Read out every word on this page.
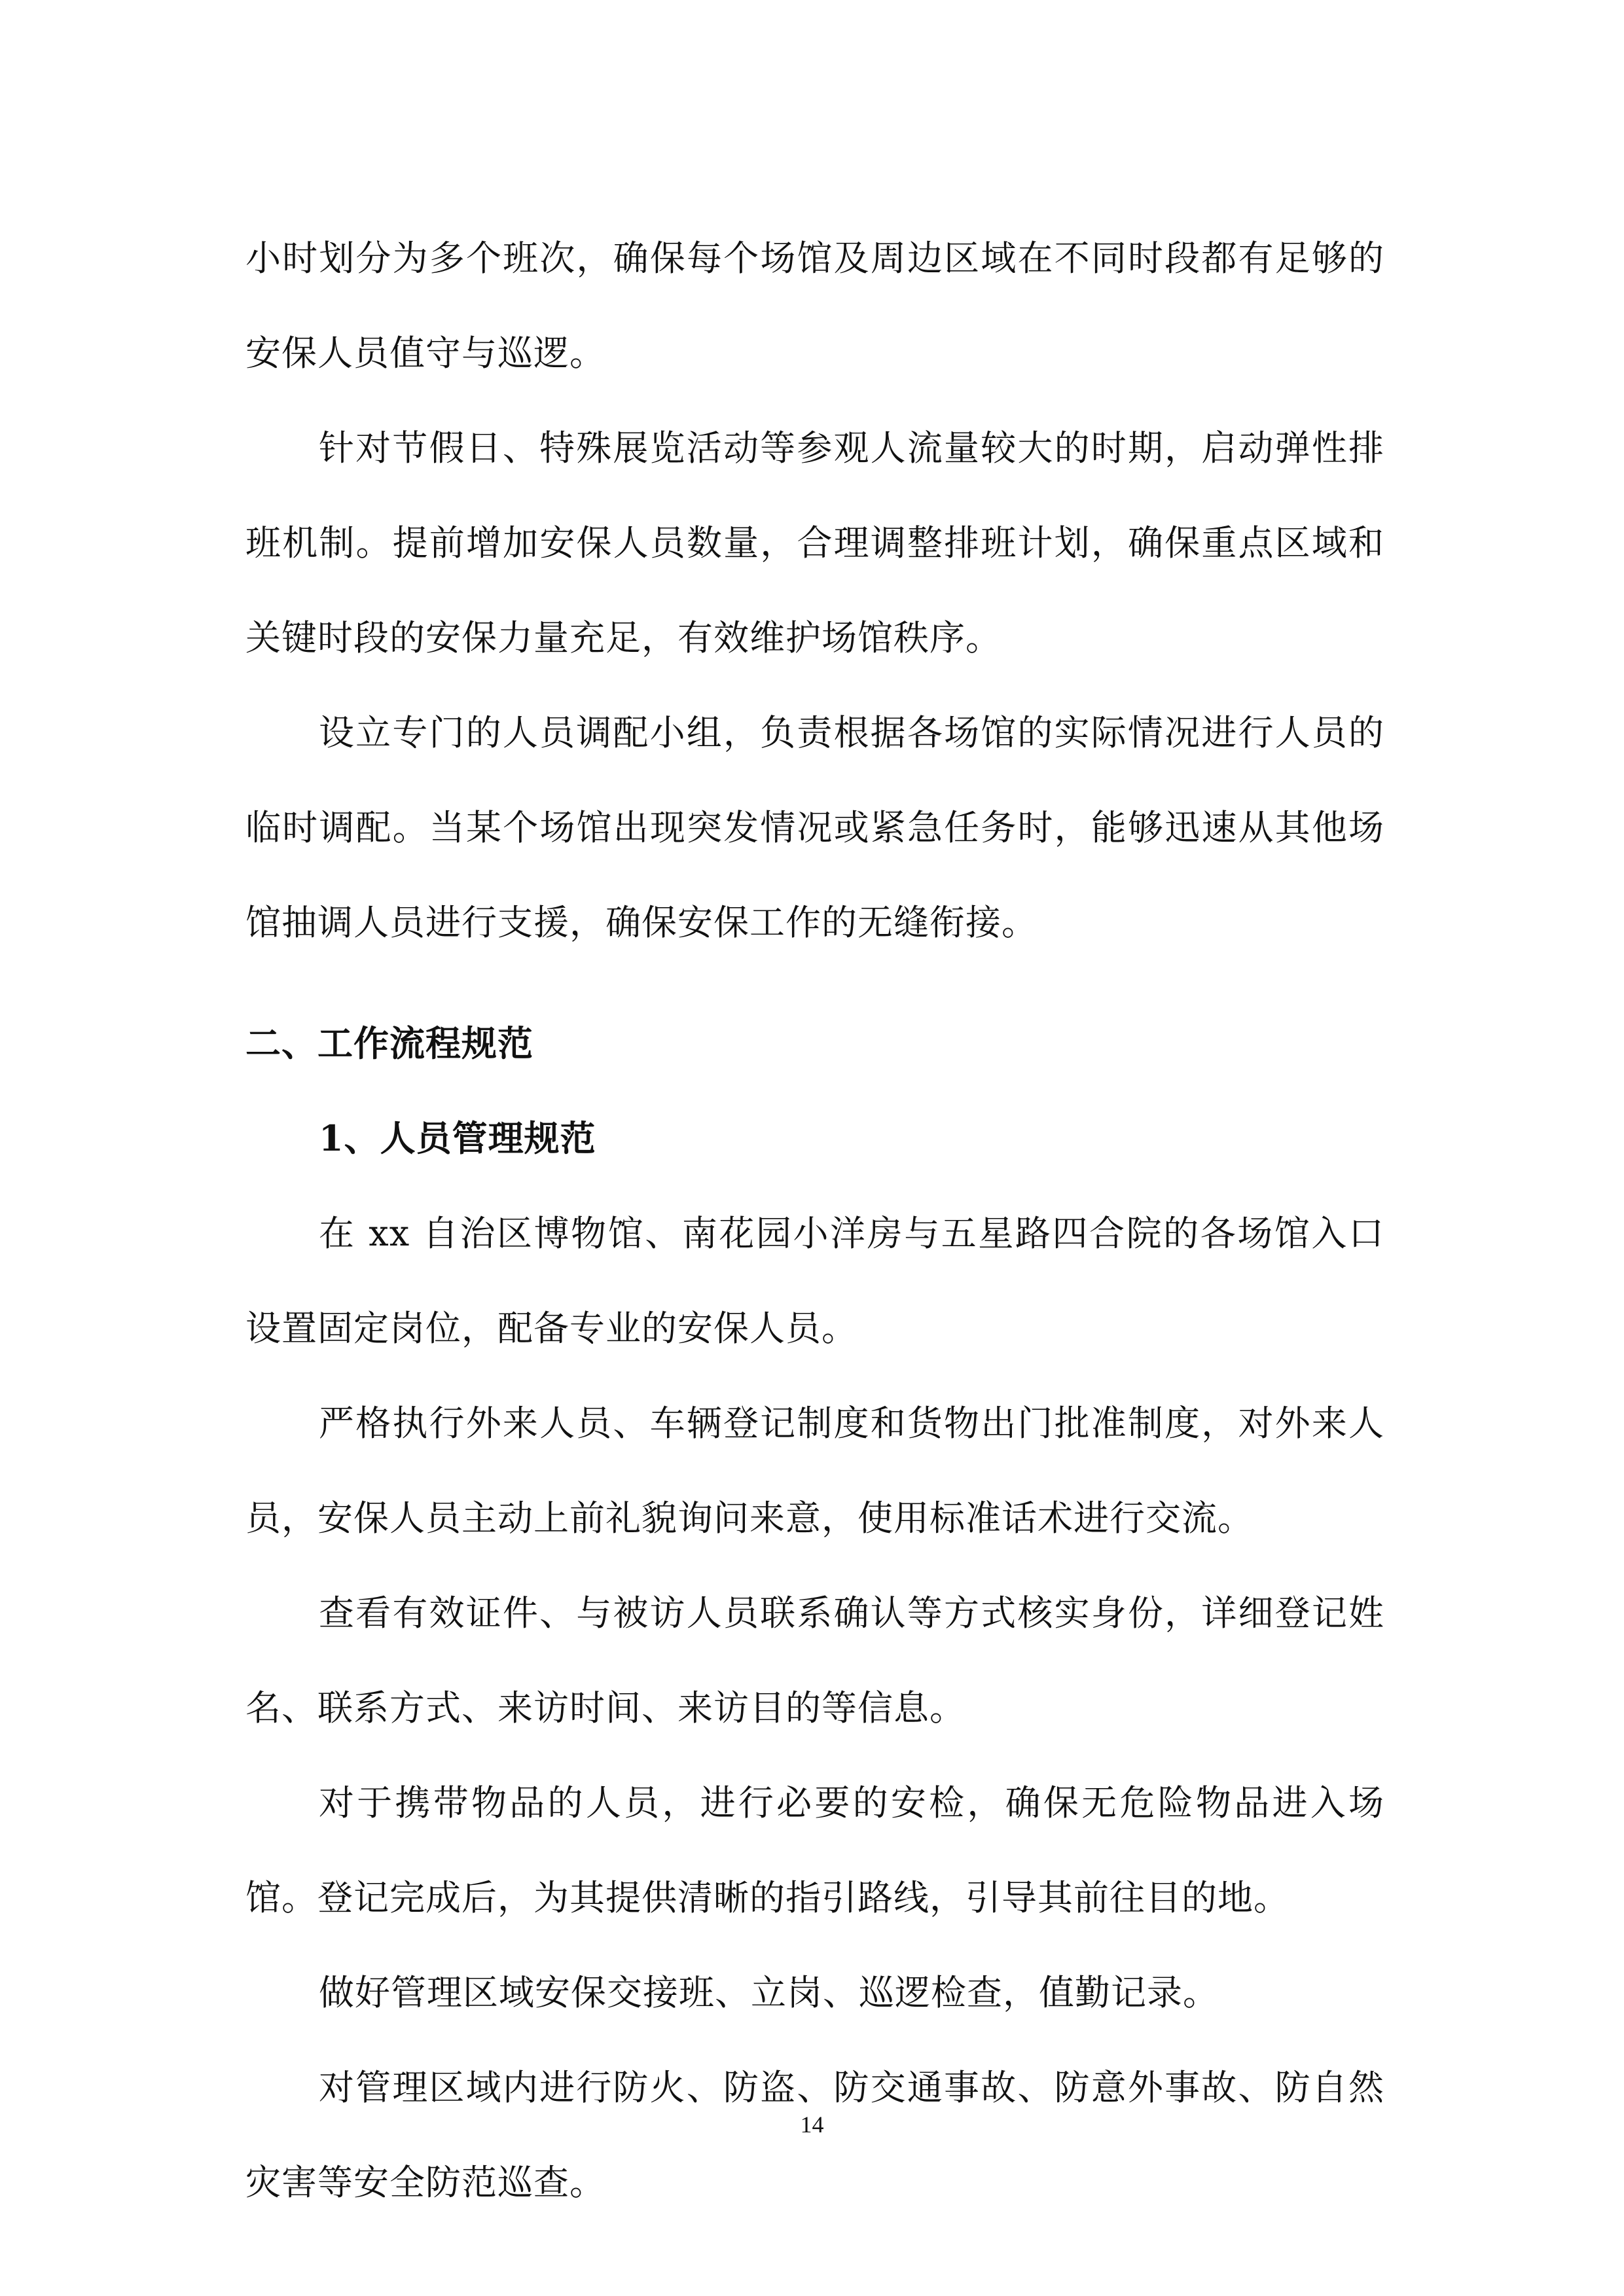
小时划分为多个班次，确保每个场馆及周边区域在不同时段都有足够的安保人员值守与巡逻。

针对节假日、特殊展览活动等参观人流量较大的时期，启动弹性排班机制。提前增加安保人员数量，合理调整排班计划，确保重点区域和关键时段的安保力量充足，有效维护场馆秩序。

设立专门的人员调配小组，负责根据各场馆的实际情况进行人员的临时调配。当某个场馆出现突发情况或紧急任务时，能够迅速从其他场馆抽调人员进行支援，确保安保工作的无缝衔接。

二、工作流程规范
1、人员管理规范

在 xx 自治区博物馆、南花园小洋房与五星路四合院的各场馆入口设置固定岗位，配备专业的安保人员。

严格执行外来人员、车辆登记制度和货物出门批准制度，对外来人员，安保人员主动上前礼貌询问来意，使用标准话术进行交流。

查看有效证件、与被访人员联系确认等方式核实身份，详细登记姓名、联系方式、来访时间、来访目的等信息。

对于携带物品的人员，进行必要的安检，确保无危险物品进入场馆。登记完成后，为其提供清晰的指引路线，引导其前往目的地。

做好管理区域安保交接班、立岗、巡逻检查，值勤记录。

对管理区域内进行防火、防盗、防交通事故、防意外事故、防自然灾害等安全防范巡查。

14
